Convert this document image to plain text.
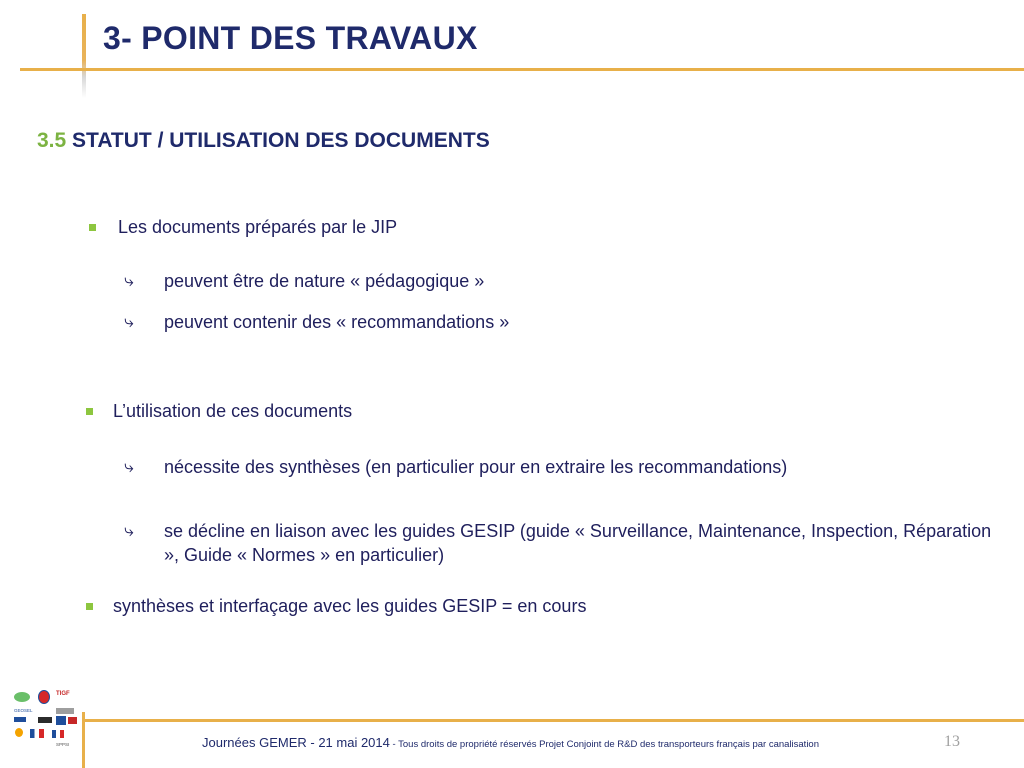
3- POINT DES TRAVAUX
3.5 STATUT / UTILISATION DES DOCUMENTS
Les documents préparés par le JIP
⤷ peuvent être de nature « pédagogique »
⤷ peuvent contenir des « recommandations »
L’utilisation de ces documents
⤷ nécessite des synthèses (en particulier pour en extraire les recommandations)
⤷ se décline en liaison avec les guides GESIP (guide « Surveillance, Maintenance, Inspection, Réparation », Guide « Normes » en particulier)
synthèses et interfaçage avec les guides GESIP = en cours
TIGF
GEOSEL
SPPSI	Journées GEMER - 21 mai 2014 - Tous droits de propriété réservés Projet Conjoint de R&D des transporteurs français par canalisation	13
